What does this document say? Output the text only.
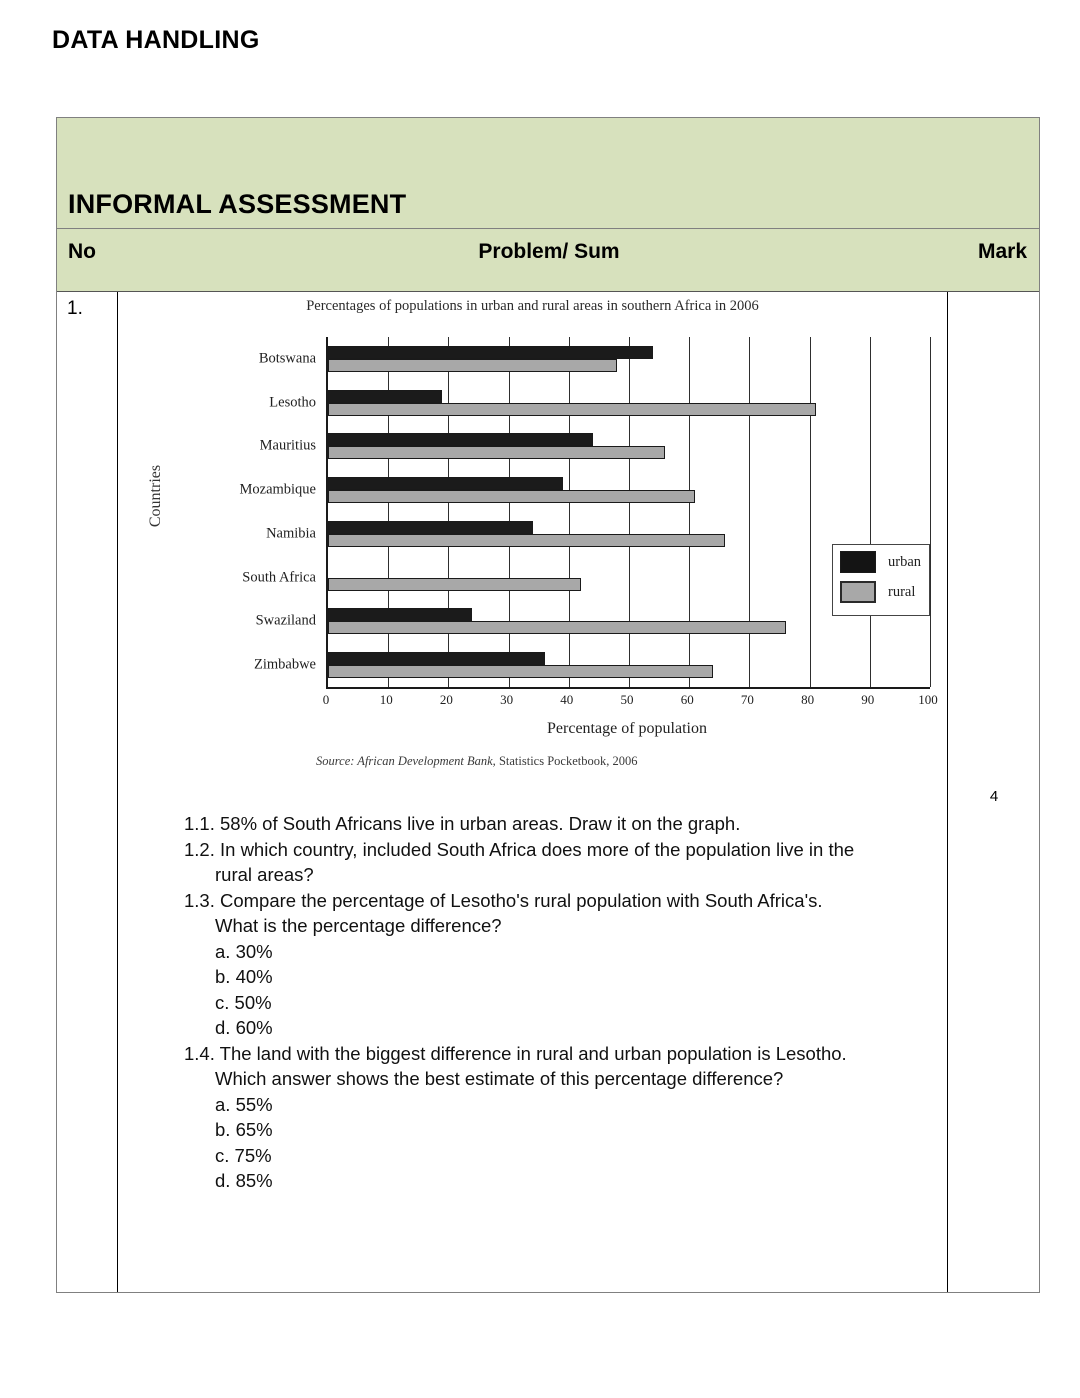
DATA HANDLING
INFORMAL ASSESSMENT
No	Problem/ Sum	Mark
1.	Percentages of populations in urban and rural areas in southern Africa in 2006
Countries
Botswana
Lesotho
Mauritius
Mozambique
Namibia
South Africa
Swaziland
Zimbabwe
0	10	20	30	40	50	60	70	80	90	100
Percentage of population
urban
rural
Source: African Development Bank, Statistics Pocketbook, 2006
1.1. 58% of South Africans live in urban areas. Draw it on the graph.
1.2. In which country, included South Africa does more of the population live in the
rural areas?
1.3. Compare the percentage of Lesotho's rural population with South Africa's.
What is the percentage difference?
a. 30%
b. 40%
c. 50%
d. 60%
1.4. The land with the biggest difference in rural and urban population is Lesotho.
Which answer shows the best estimate of this percentage difference?
a. 55%
b. 65%
c. 75%
d. 85%
4
